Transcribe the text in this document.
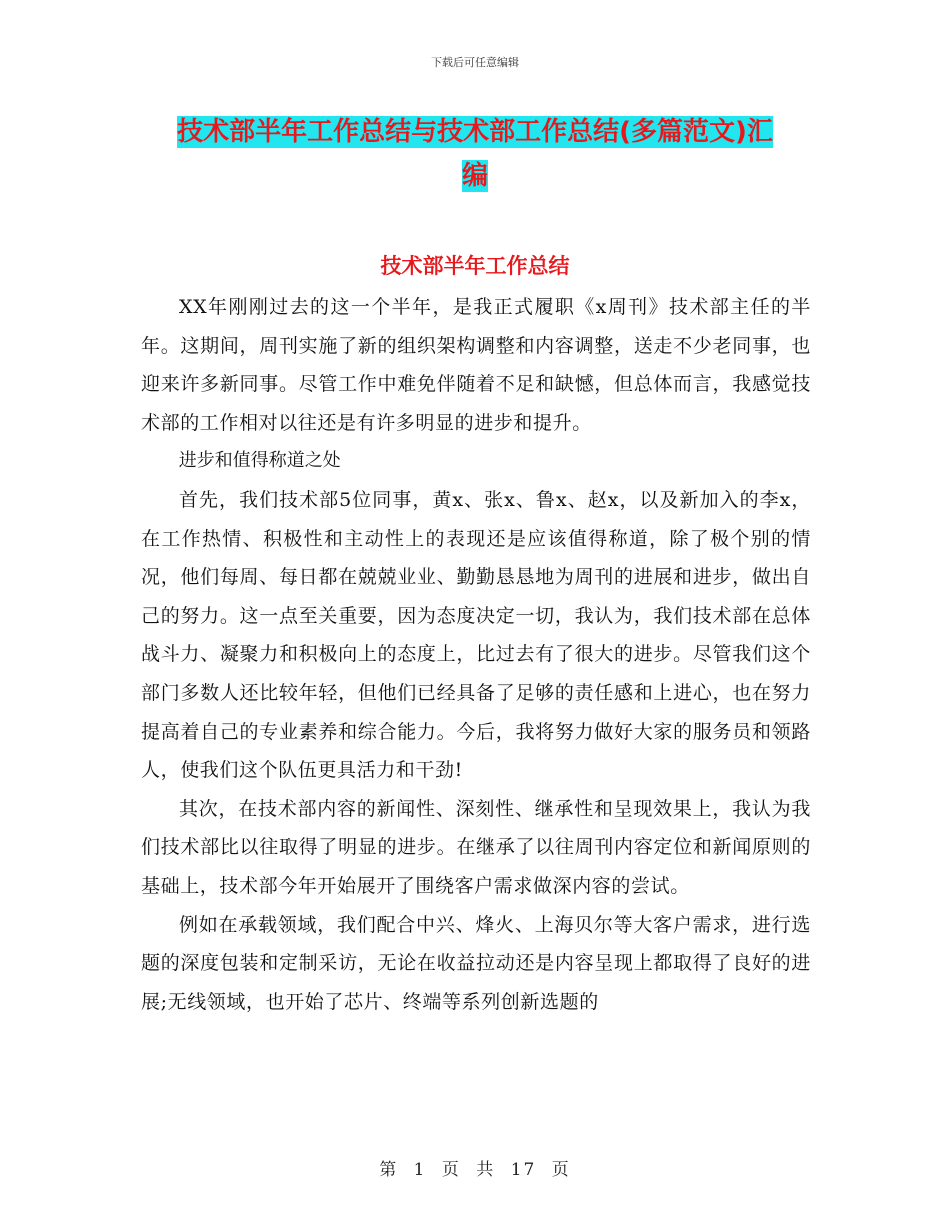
下载后可任意编辑
技术部半年工作总结与技术部工作总结(多篇范文)汇
编
技术部半年工作总结

XX年刚刚过去的这一个半年，是我正式履职《x周刊》技术部主任的半年。这期间，周刊实施了新的组织架构调整和内容调整，送走不少老同事，也迎来许多新同事。尽管工作中难免伴随着不足和缺憾，但总体而言，我感觉技术部的工作相对以往还是有许多明显的进步和提升。

进步和值得称道之处

首先，我们技术部5位同事，黄x、张x、鲁x、赵x，以及新加入的李x，在工作热情、积极性和主动性上的表现还是应该值得称道，除了极个别的情况，他们每周、每日都在兢兢业业、勤勤恳恳地为周刊的进展和进步，做出自己的努力。这一点至关重要，因为态度决定一切，我认为，我们技术部在总体战斗力、凝聚力和积极向上的态度上，比过去有了很大的进步。尽管我们这个部门多数人还比较年轻，但他们已经具备了足够的责任感和上进心，也在努力提高着自己的专业素养和综合能力。今后，我将努力做好大家的服务员和领路人，使我们这个队伍更具活力和干劲!

其次，在技术部内容的新闻性、深刻性、继承性和呈现效果上，我认为我们技术部比以往取得了明显的进步。在继承了以往周刊内容定位和新闻原则的基础上，技术部今年开始展开了围绕客户需求做深内容的尝试。

例如在承载领域，我们配合中兴、烽火、上海贝尔等大客户需求，进行选题的深度包装和定制采访，无论在收益拉动还是内容呈现上都取得了良好的进展;无线领域，也开始了芯片、终端等系列创新选题的

第 1 页 共 17 页
